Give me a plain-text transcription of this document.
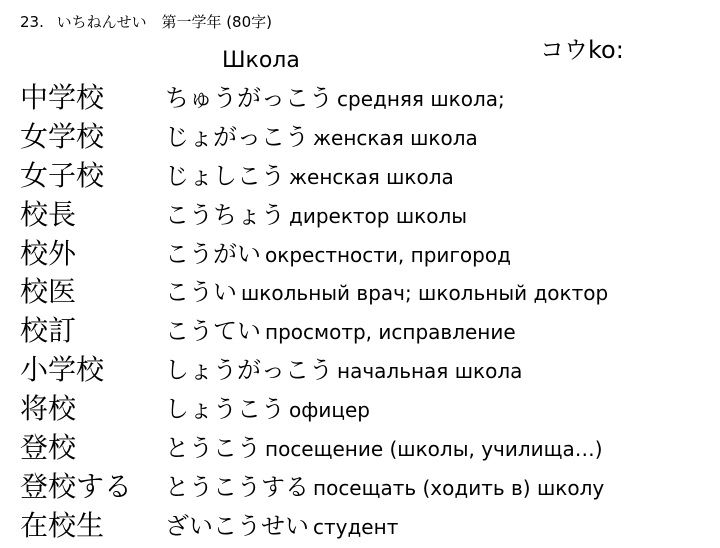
23. いちねんせい 第一学年 (80字)
コウko:
Школа
中学校	ちゅうがっこう средняя школа;
女学校	じょがっこう женская школа
女子校	じょしこう женская школа
校長	こうちょう директор школы
校外	こうがい окрестности, пригород
校医	こうい школьный врач; школьный доктор
校訂	こうてい просмотр, исправление
小学校	しょうがっこう начальная школа
将校	しょうこう офицер
登校	とうこう посещение (школы, училища…)
登校する とうこうする посещать (ходить в) школу
在校生	ざいこうせい студент
